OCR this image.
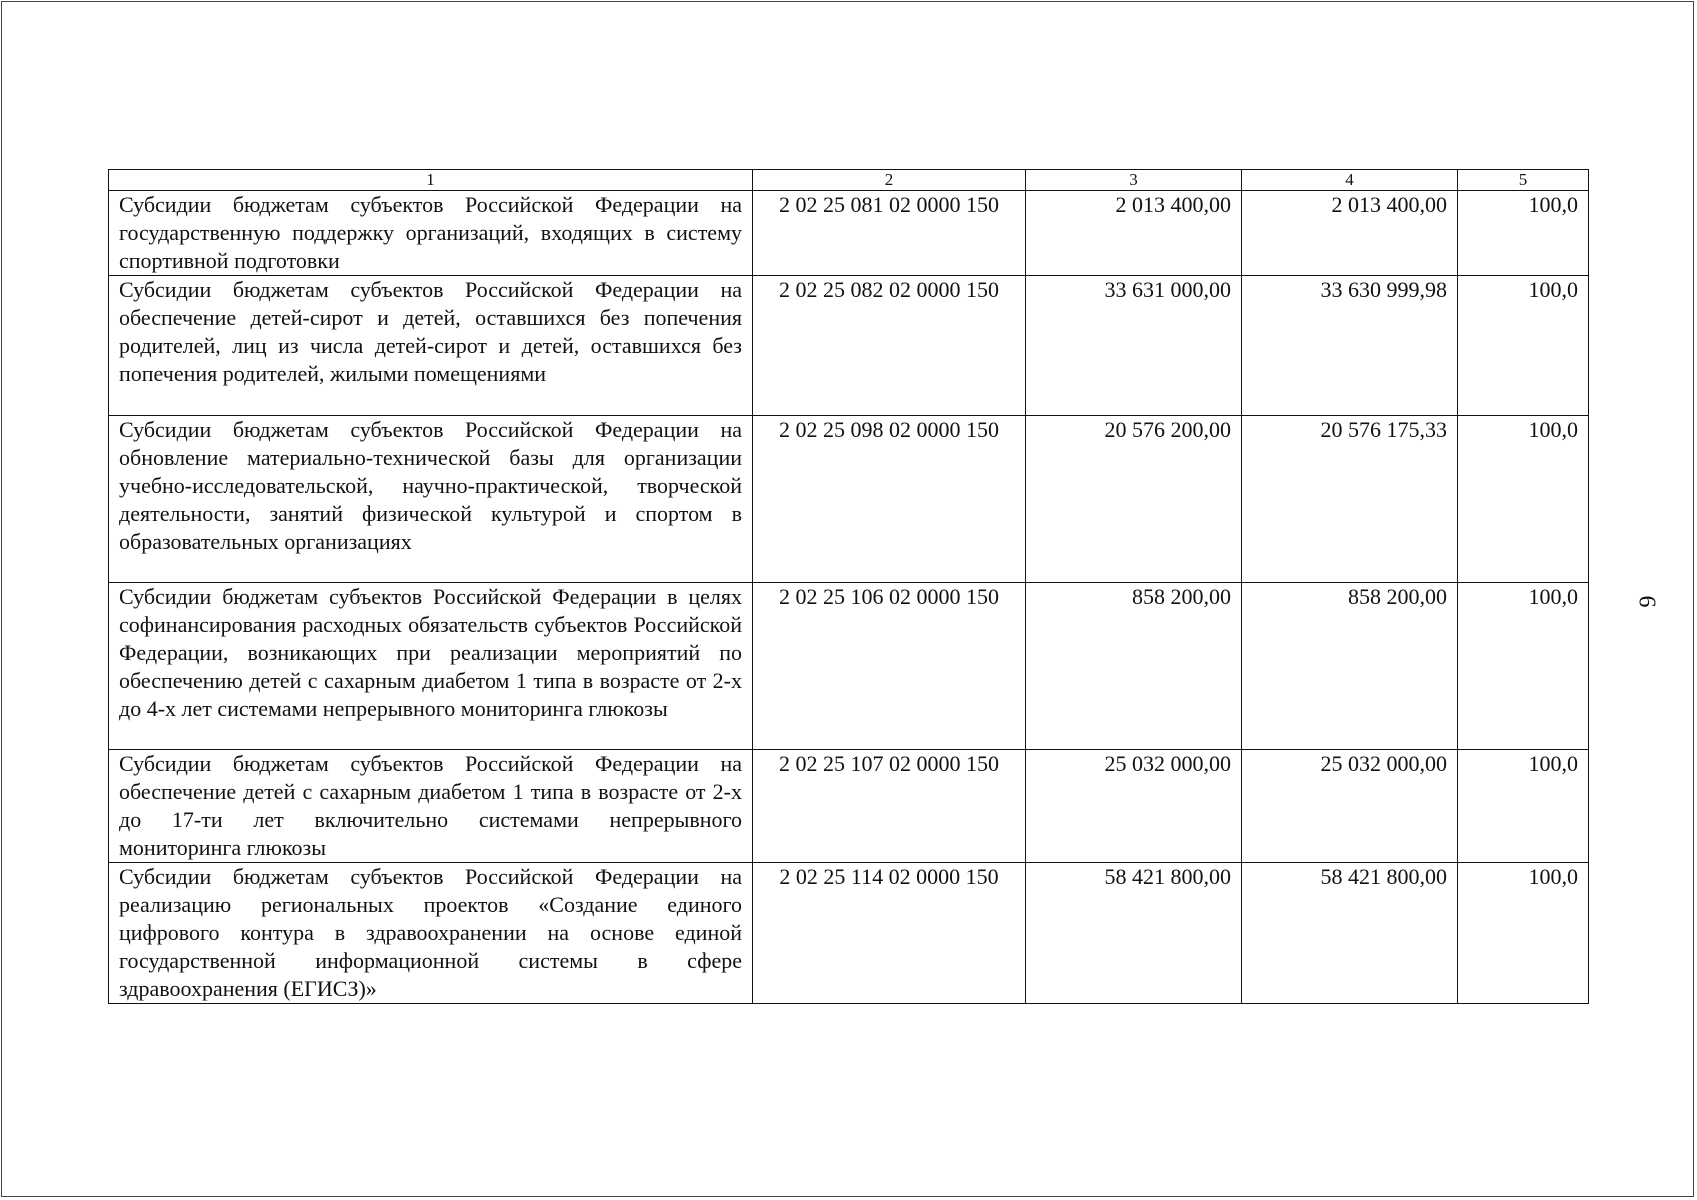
1	2	3	4	5
Субсидии бюджетам субъектов Российской Федерации на государственную поддержку организаций, входящих в систему спортивной подготовки	2 02 25 081 02 0000 150	2 013 400,00	2 013 400,00	100,0
Субсидии бюджетам субъектов Российской Федерации на обеспечение детей-сирот и детей, оставшихся без попечения родителей, лиц из числа детей-сирот и детей, оставшихся без попечения родителей, жилыми помещениями	2 02 25 082 02 0000 150	33 631 000,00	33 630 999,98	100,0
Субсидии бюджетам субъектов Российской Федерации на обновление материально-технической базы для организации учебно-исследовательской, научно-практической, творческой деятельности, занятий физической культурой и спортом в образовательных организациях	2 02 25 098 02 0000 150	20 576 200,00	20 576 175,33	100,0
Субсидии бюджетам субъектов Российской Федерации в целях софинансирования расходных обязательств субъектов Российской Федерации, возникающих при реализации мероприятий по обеспечению детей с сахарным диабетом 1 типа в возрасте от 2-х до 4-х лет системами непрерывного мониторинга глюкозы	2 02 25 106 02 0000 150	858 200,00	858 200,00	100,0
Субсидии бюджетам субъектов Российской Федерации на обеспечение детей с сахарным диабетом 1 типа в возрасте от 2-х до 17-ти лет включительно системами непрерывного мониторинга глюкозы	2 02 25 107 02 0000 150	25 032 000,00	25 032 000,00	100,0
Субсидии бюджетам субъектов Российской Федерации на реализацию региональных проектов «Создание единого цифрового контура в здравоохранении на основе единой государственной информационной системы в сфере здравоохранения (ЕГИСЗ)»	2 02 25 114 02 0000 150	58 421 800,00	58 421 800,00	100,0
6
